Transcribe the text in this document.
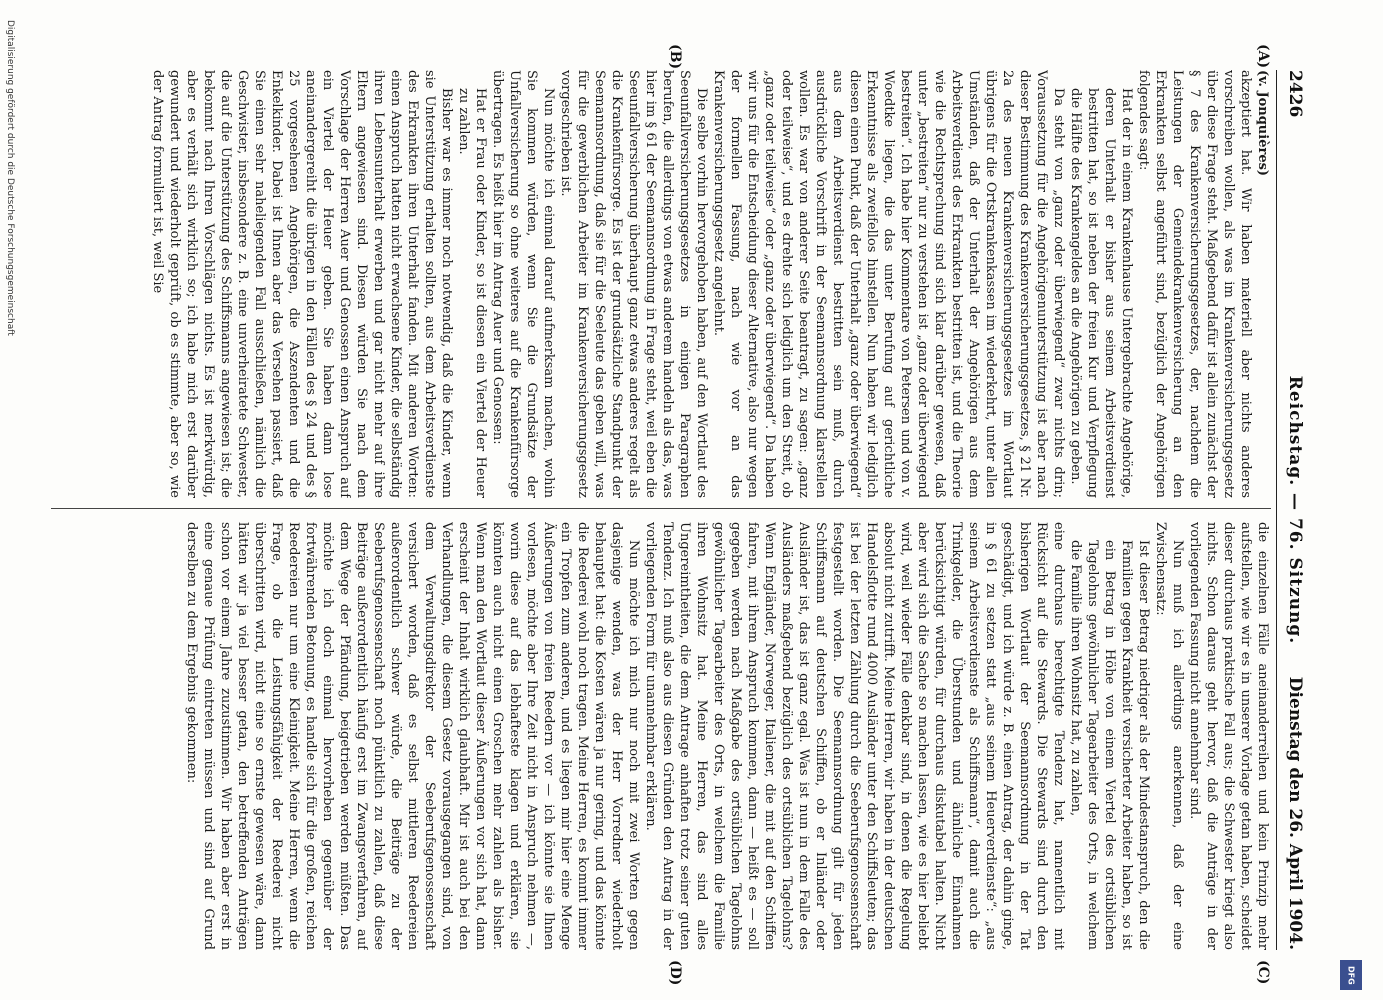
2426
Reichstag. — 76. Sitzung.
Dienstag den 26. April 1904.
(A)
(B)
(C)
(D)

(v. Jonquières)

akzeptiert hat. Wir haben materiell aber nichts anderes vorschreiben wollen, als was im Krankenversicherungsgesetz über diese Frage steht. Maßgebend dafür ist allein zunächst der § 7 des Krankenversicherungsgesetzes, der, nachdem die Leistungen der Gemeindekrankenversicherung an den Erkrankten selbst angeführt sind, bezüglich der Angehörigen folgendes sagt:

Hat der in einem Krankenhause Untergebrachte Angehörige, deren Unterhalt er bisher aus seinem Arbeitsverdienst bestritten hat, so ist neben der freien Kur und Verpflegung die Hälfte des Krankengeldes an die Angehörigen zu geben.

Da steht von „ganz oder überwiegend“ zwar nichts drin; Voraussetzung für die Angehörigenunterstützung ist aber nach dieser Bestimmung des Krankenversicherungsgesetzes, § 21 Nr. 2a des neuen Krankenversicherungsgesetzes im Wortlaut übrigens für die Ortskrankenkassen im wiederkehrt, unter allen Umständen, daß der Unterhalt der Angehörigen aus dem Arbeitsverdienst des Erkrankten bestritten ist, und die Theorie wie die Rechtsprechung sind sich klar darüber gewesen, daß unter „bestreiten“ nur zu verstehen ist „ganz oder überwiegend bestreiten“. Ich habe hier Kommentare von Petersen und von v. Woedtke liegen, die das unter Berufung auf gerichtliche Erkenntnisse als zweifellos hinstellen. Nun haben wir lediglich diesen einen Punkt, daß der Unterhalt „ganz oder überwiegend“ aus dem Arbeitsverdienst bestritten sein muß, durch ausdrückliche Vorschrift in der Seemannsordnung klarstellen wollen. Es war von anderer Seite beantragt, zu sagen: „ganz oder teilweise“, und es drehte sich lediglich um den Streit, ob „ganz oder teilweise“ oder „ganz oder überwiegend“. Da haben wir uns für die Entscheidung dieser Alternative, also nur wegen der formellen Fassung, nach wie vor an das Krankenversicherungsgesetz angelehnt.

Die selbe vorhin hervorgehoben haben, auf den Wortlaut des Seeunfallversicherungsgesetzes in einigen Paragraphen berufen, die allerdings von etwas anderem handeln als das, was hier im § 61 der Seemannsordnung in Frage steht, weil eben die Seeunfallversicherung überhaupt ganz etwas anderes regelt als die Krankenfürsorge. Es ist der grundsätzliche Standpunkt der Seemannsordnung, daß sie für die Seeleute das geben will, was für die gewerblichen Arbeiter im Krankenversicherungsgesetz vorgeschrieben ist.

Nun möchte ich einmal darauf aufmerksam machen, wohin Sie kommen würden, wenn Sie die Grundsätze der Unfallversicherung so ohne weiteres auf die Krankenfürsorge übertragen. Es heißt hier im Antrag Auer und Genossen:

Hat er Frau oder Kinder, so ist diesen ein Viertel der Heuer zu zahlen.

Bisher war es immer noch notwendig, daß die Kinder, wenn sie Unterstützung erhalten sollten, aus dem Arbeitsverdienste des Erkrankten ihren Unterhalt fanden. Mit anderen Worten: einen Anspruch hatten nicht erwachsene Kinder, die selbständig ihren Lebensunterhalt erwerben und gar nicht mehr auf ihre Eltern angewiesen sind. Diesen würden Sie nach dem Vorschlage der Herren Auer und Genossen einen Anspruch auf ein Viertel der Heuer geben. Sie haben dann lose aneinandergereiht die übrigen in den Fällen des § 24 und des § 25 vorgesehenen Angehörigen, die Aszendenten und die Enkelkinder. Dabei ist Ihnen aber das Versehen passiert, daß Sie einen sehr naheliegenden Fall ausschließen, nämlich die Geschwister, insbesondere z. B. eine unverheiratete Schwester, die auf die Unterstützung des Schiffsmanns angewiesen ist; die bekommt nach Ihren Vorschlägen nichts. Es ist merkwürdig, aber es verhält sich wirklich so; ich habe mich erst darüber gewundert und wiederholt geprüft, ob es stimmte, aber so, wie der Antrag formuliert ist, weil Sie

die einzelnen Fälle aneinanderreihen und kein Prinzip mehr aufstellen, wie wir es in unserer Vorlage getan haben, scheidet dieser durchaus praktische Fall aus; die Schwester kriegt also nichts. Schon daraus geht hervor, daß die Anträge in der vorliegenden Fassung nicht annehmbar sind.

Nun muß ich allerdings anerkennen, daß der eine Zwischensatz:

Ist dieser Betrag niedriger als der Mindestanspruch, den die Familien gegen Krankheit versicherter Arbeiter haben, so ist ein Betrag in Höhe von einem Viertel des ortsüblichen Tagelohns gewöhnlicher Tagearbeiter des Orts, in welchem die Familie ihren Wohnsitz hat, zu zahlen,

eine durchaus berechtigte Tendenz hat, namentlich mit Rücksicht auf die Stewards. Die Stewards sind durch den bisherigen Wortlaut der Seemannsordnung in der Tat geschädigt, und ich würde z. B. einen Antrag, der dahin ginge, in § 61 zu setzen statt „aus seinem Heuerverdienste“: „aus seinem Arbeitsverdienste als Schiffsmann“, damit auch die Trinkgelder, die Überstunden und ähnliche Einnahmen berücksichtigt würden, für durchaus diskutabel halten. Nicht aber wird sich die Sache so machen lassen, wie es hier beliebt wird, weil wieder Fälle denkbar sind, in denen die Regelung absolut nicht zutrifft. Meine Herren, wir haben in der deutschen Handelsflotte rund 4000 Ausländer unter den Schiffsleuten; das ist bei der letzten Zählung durch die Seeberufsgenossenschaft festgestellt worden. Die Seemannsordnung gilt für jeden Schiffsmann auf deutschen Schiffen, ob er Inländer oder Ausländer ist, das ist ganz egal. Was ist nun in dem Falle des Ausländers maßgebend bezüglich des ortsüblichen Tagelohns? Wenn Engländer, Norweger, Italiener, die mit auf den Schiffen fahren, mit ihrem Anspruch kommen, dann — heißt es — soll gegeben werden nach Maßgabe des ortsüblichen Tagelohns gewöhnlicher Tagearbeiter des Orts, in welchem die Familie ihren Wohnsitz hat. Meine Herren, das sind alles Ungereimtheiten, die dem Antrage anhaften trotz seiner guten Tendenz. Ich muß also aus diesen Gründen den Antrag in der vorliegenden Form für unannehmbar erklären.

Nun möchte ich mich nur noch mit zwei Worten gegen dasjenige wenden, was der Herr Vorredner wiederholt behauptet hat: die Kosten wären ja nur gering, und das könnte die Reederei wohl noch tragen. Meine Herren, es kommt immer ein Tropfen zum anderen, und es liegen mir hier eine Menge Äußerungen von freien Reedern vor — ich könnte sie Ihnen vorlesen, möchte aber Ihre Zeit nicht in Anspruch nehmen —, worin diese auf das lebhafteste klagen und erklären, sie könnten auch nicht einen Groschen mehr zahlen als bisher. Wenn man den Wortlaut dieser Äußerungen vor sich hat, dann erscheint der Inhalt wirklich glaubhaft. Mir ist auch bei den Verhandlungen, die diesem Gesetz vorausgegangen sind, von dem Verwaltungsdirektor der Seeberufsgenossenschaft versichert worden, daß es selbst mittleren Reedereien außerordentlich schwer würde, die Beiträge zu der Seeberufsgenossenschaft noch pünktlich zu zahlen, daß diese Beiträge außerordentlich häufig erst im Zwangsverfahren, auf dem Wege der Pfändung, beigetrieben werden müßten. Das möchte ich doch einmal hervorheben gegenüber der fortwährenden Betonung, es handle sich für die großen, reichen Reedereien nur um eine Kleinigkeit. Meine Herren, wenn die Frage, ob die Leistungsfähigkeit der Reederei nicht überschritten wird, nicht eine so ernste gewesen wäre, dann hätten wir ja viel besser getan, den betreffenden Anträgen schon vor einem Jahre zuzustimmen. Wir haben aber erst in eine genaue Prüfung eintreten müssen und sind auf Grund derselben zu dem Ergebnis gekommen:

Digitalisierung gefördert durch die Deutsche Forschungsgemeinschaft
DFG
